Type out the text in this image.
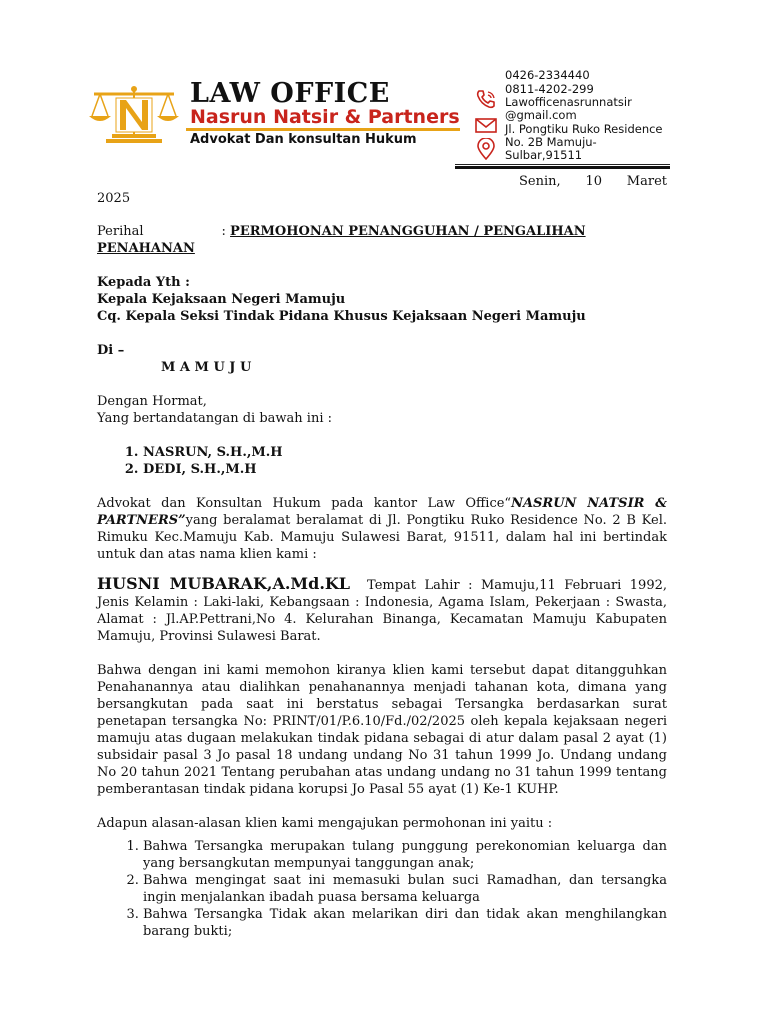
LAW OFFICE
Nasrun Natsir & Partners
Advokat Dan konsultan Hukum
0426-2334440
0811-4202-299
Lawofficenasrunnatsir
@gmail.com
Jl. Pongtiku Ruko Residence
No. 2B Mamuju-
Sulbar,91511

Senin,      10      Maret

2025

Perihal	: PERMOHONAN PENANGGUHAN / PENGALIHAN PENAHANAN

Kepada Yth :

Kepala Kejaksaan Negeri Mamuju

Cq. Kepala Seksi Tindak Pidana Khusus Kejaksaan Negeri Mamuju

Di –

M A M U J U

Dengan Hormat,

Yang bertandatangan di bawah ini :

1. NASRUN, S.H.,M.H
2. DEDI, S.H.,M.H

Advokat dan Konsultan Hukum pada kantor Law Office“NASRUN NATSIR & PARTNERS”yang beralamat beralamat di Jl. Pongtiku Ruko Residence No. 2 B Kel. Rimuku Kec.Mamuju Kab. Mamuju Sulawesi Barat, 91511, dalam hal ini bertindak untuk dan atas nama klien kami :

HUSNI MUBARAK,A.Md.KL Tempat Lahir : Mamuju,11 Februari 1992, Jenis Kelamin : Laki-laki, Kebangsaan : Indonesia, Agama Islam, Pekerjaan : Swasta, Alamat : Jl.AP.Pettrani,No 4. Kelurahan Binanga, Kecamatan Mamuju Kabupaten Mamuju, Provinsi Sulawesi Barat.

Bahwa dengan ini kami memohon kiranya klien kami tersebut dapat ditangguhkan Penahanannya atau dialihkan penahanannya menjadi tahanan kota, dimana yang bersangkutan pada saat ini berstatus sebagai Tersangka berdasarkan surat penetapan tersangka No: PRINT/01/P.6.10/Fd./02/2025 oleh kepala kejaksaan negeri mamuju atas dugaan melakukan tindak pidana sebagai di atur dalam pasal 2 ayat (1) subsidair pasal 3 Jo pasal 18 undang undang No 31 tahun 1999 Jo. Undang undang No 20 tahun 2021 Tentang perubahan atas undang undang no 31 tahun 1999 tentang pemberantasan tindak pidana korupsi Jo Pasal 55 ayat (1) Ke-1 KUHP.

Adapun alasan-alasan klien kami mengajukan permohonan ini yaitu :

1. Bahwa Tersangka merupakan tulang punggung perekonomian keluarga dan yang bersangkutan mempunyai tanggungan anak;
2. Bahwa mengingat saat ini memasuki bulan suci Ramadhan, dan tersangka ingin menjalankan ibadah puasa bersama keluarga
3. Bahwa Tersangka Tidak akan melarikan diri dan tidak akan menghilangkan barang bukti;
